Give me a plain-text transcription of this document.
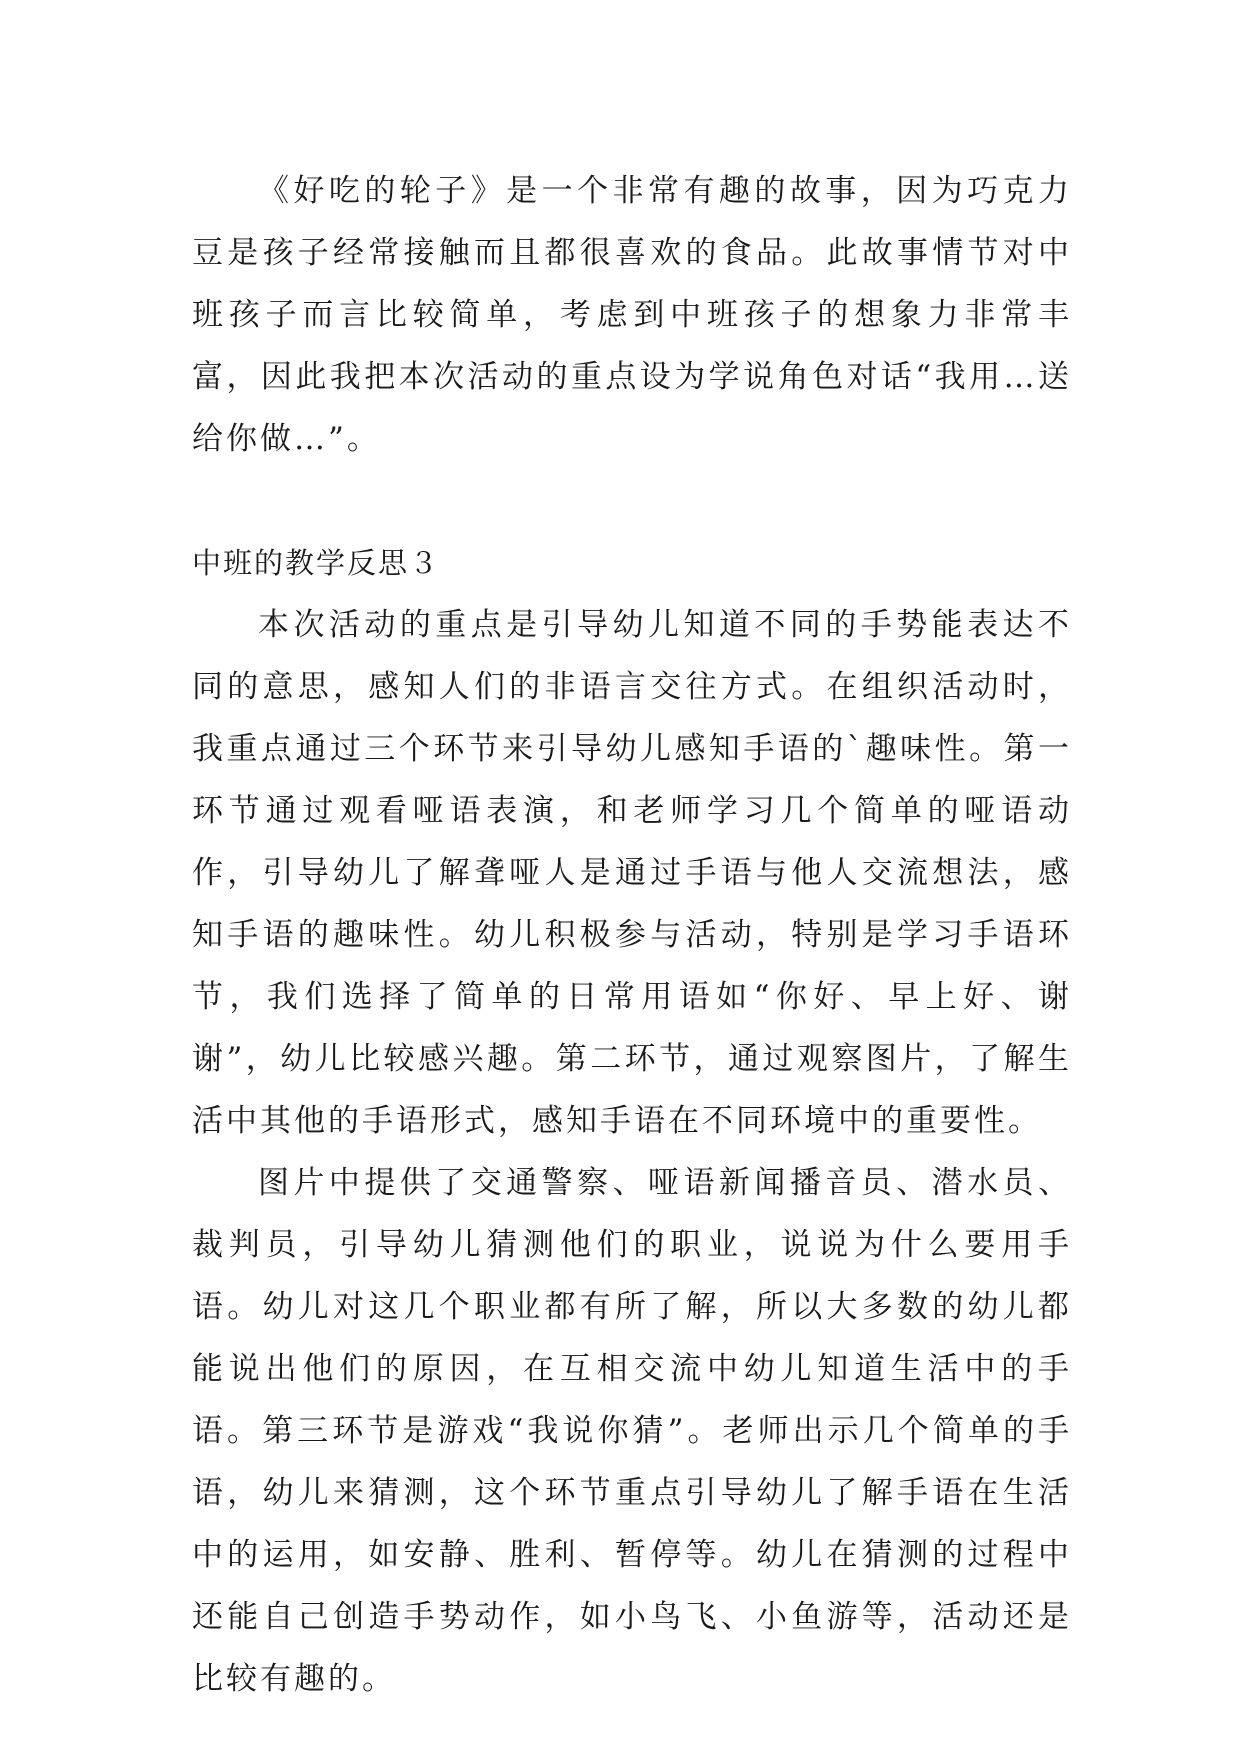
《好吃的轮子》是一个非常有趣的故事，因为巧克力豆是孩子经常接触而且都很喜欢的食品。此故事情节对中班孩子而言比较简单，考虑到中班孩子的想象力非常丰富，因此我把本次活动的重点设为学说角色对话“我用…送给你做…”。

中班的教学反思３

本次活动的重点是引导幼儿知道不同的手势能表达不同的意思，感知人们的非语言交往方式。在组织活动时，我重点通过三个环节来引导幼儿感知手语的`趣味性。第一环节通过观看哑语表演，和老师学习几个简单的哑语动作，引导幼儿了解聋哑人是通过手语与他人交流想法，感知手语的趣味性。幼儿积极参与活动，特别是学习手语环节，我们选择了简单的日常用语如“你好、早上好、谢谢”，幼儿比较感兴趣。第二环节，通过观察图片，了解生活中其他的手语形式，感知手语在不同环境中的重要性。

图片中提供了交通警察、哑语新闻播音员、潜水员、裁判员，引导幼儿猜测他们的职业，说说为什么要用手语。幼儿对这几个职业都有所了解，所以大多数的幼儿都能说出他们的原因，在互相交流中幼儿知道生活中的手语。第三环节是游戏“我说你猜”。老师出示几个简单的手语，幼儿来猜测，这个环节重点引导幼儿了解手语在生活中的运用，如安静、胜利、暂停等。幼儿在猜测的过程中还能自己创造手势动作，如小鸟飞、小鱼游等，活动还是比较有趣的。
